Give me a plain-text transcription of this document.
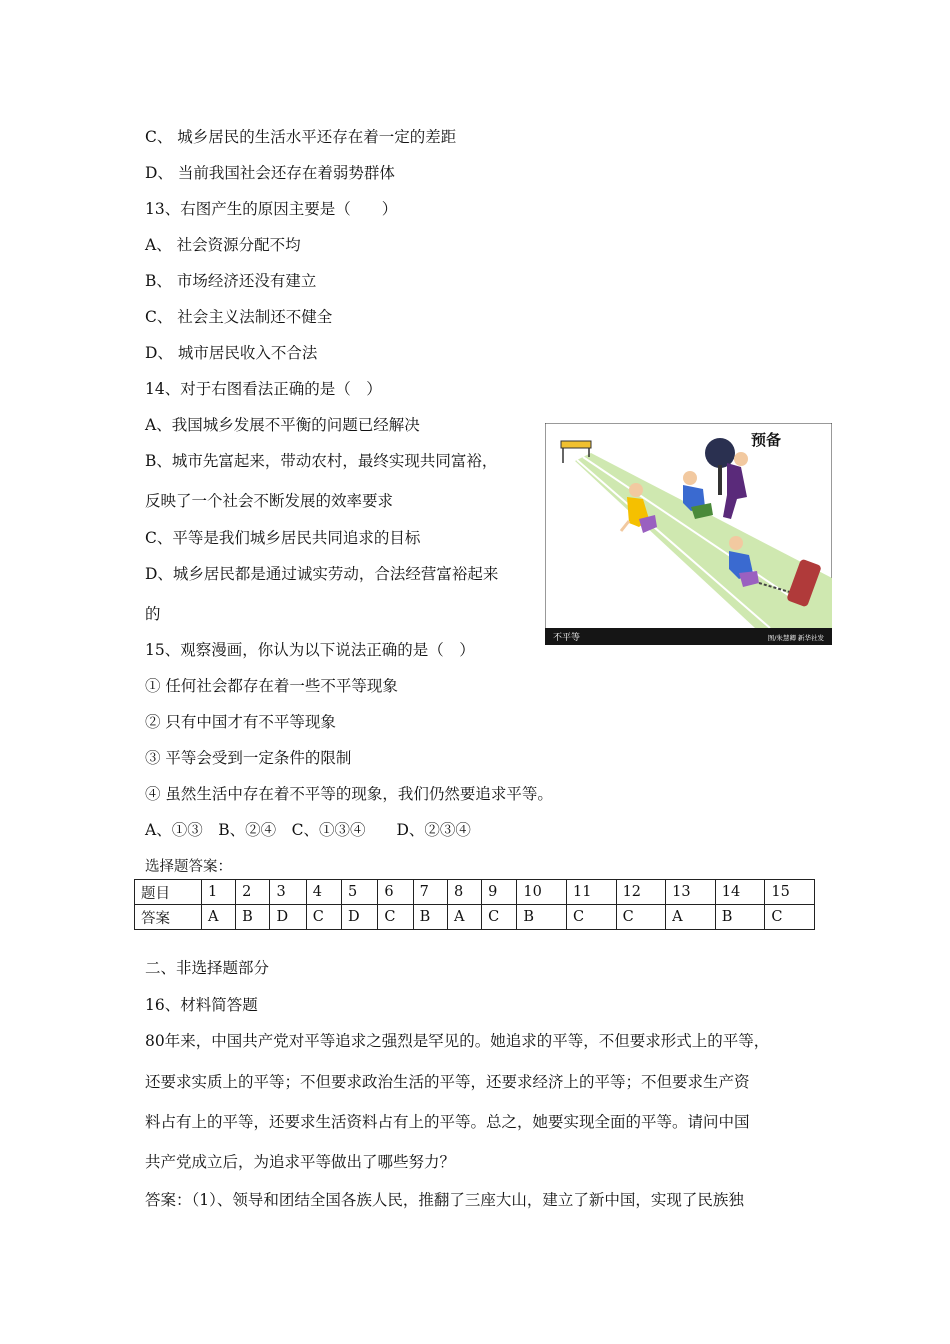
C、 城乡居民的生活水平还存在着一定的差距
D、 当前我国社会还存在着弱势群体
13、右图产生的原因主要是（　　）
A、 社会资源分配不均
B、 市场经济还没有建立
C、 社会主义法制还不健全
D、 城市居民收入不合法
14、对于右图看法正确的是（　）
A、我国城乡发展不平衡的问题已经解决
B、城市先富起来，带动农村，最终实现共同富裕，
反映了一个社会不断发展的效率要求
C、平等是我们城乡居民共同追求的目标
D、城乡居民都是通过诚实劳动，合法经营富裕起来
的
预备
不平等	图/朱慧卿 新华社发
15、观察漫画，你认为以下说法正确的是（　）
① 任何社会都存在着一些不平等现象
② 只有中国才有不平等现象
③ 平等会受到一定条件的限制
④ 虽然生活中存在着不平等的现象，我们仍然要追求平等。
A、①③　B、②④　C、①③④　　D、②③④
选择题答案：
题目	1	2	3	4	5	6	7	8	9	10	11	12	13	14	15
答案	A	B	D	C	D	C	B	A	C	B	C	C	A	B	C
二、非选择题部分
16、材料简答题
80年来，中国共产党对平等追求之强烈是罕见的。她追求的平等，不但要求形式上的平等，
还要求实质上的平等；不但要求政治生活的平等，还要求经济上的平等；不但要求生产资
料占有上的平等，还要求生活资料占有上的平等。总之，她要实现全面的平等。请问中国
共产党成立后，为追求平等做出了哪些努力？
答案：（1）、领导和团结全国各族人民，推翻了三座大山，建立了新中国，实现了民族独
